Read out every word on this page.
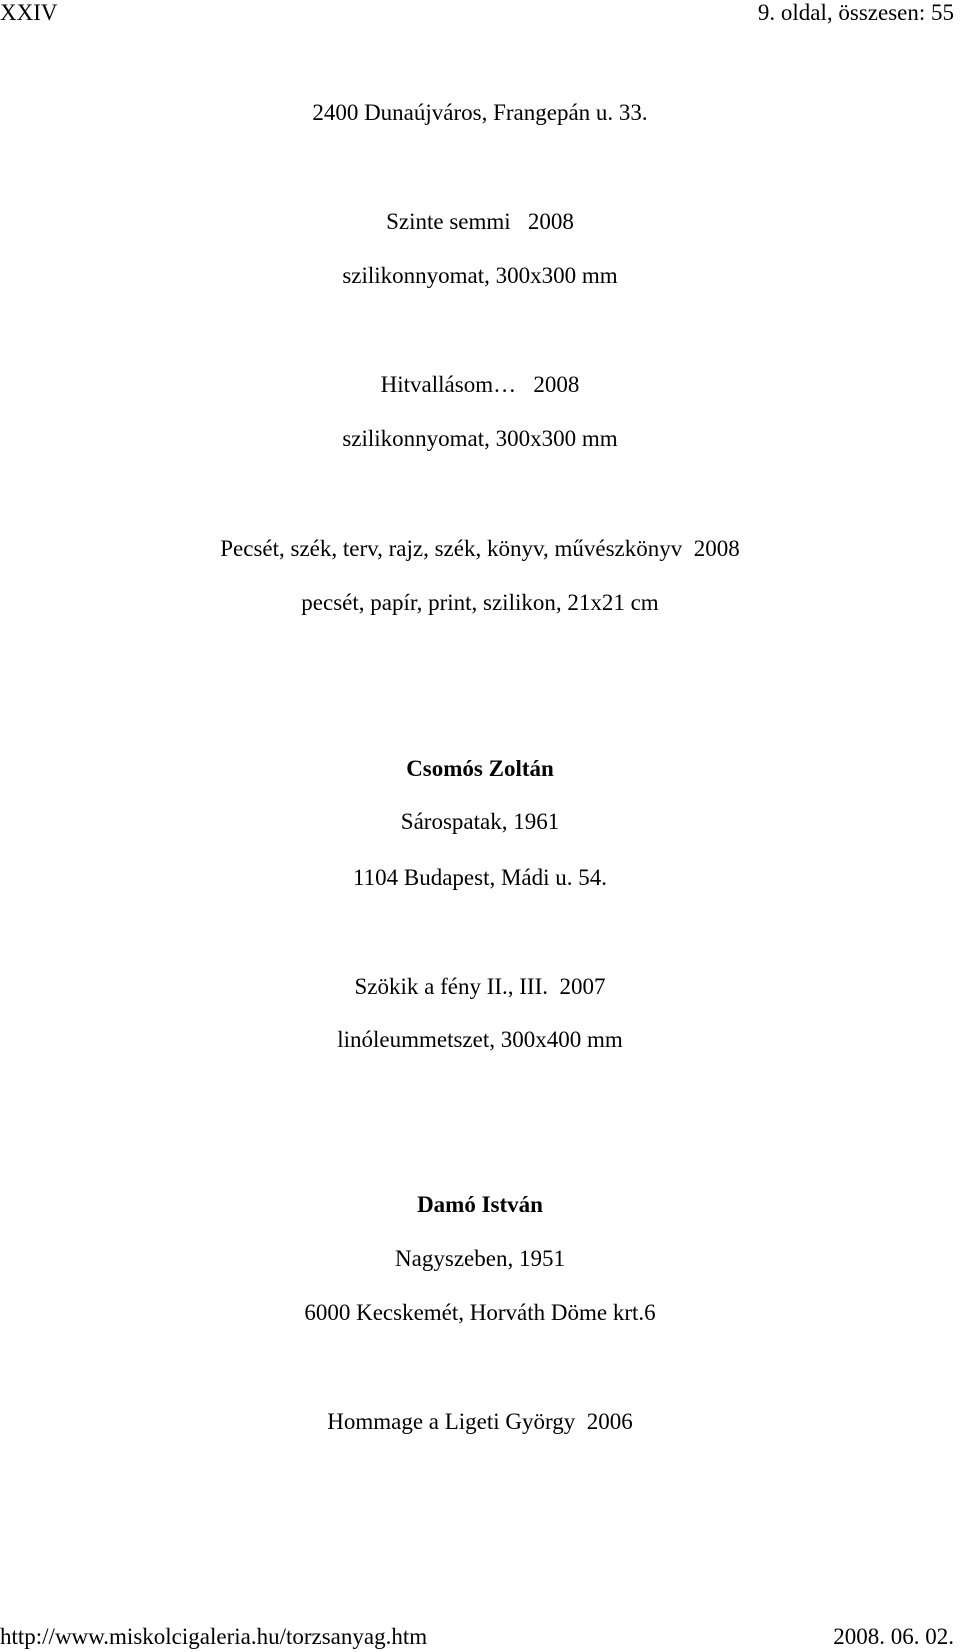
XXIV	9. oldal, összesen: 55
2400 Dunaújváros, Frangepán u. 33.
Szinte semmi   2008
szilikonnyomat, 300x300 mm
Hitvallásom…   2008
szilikonnyomat, 300x300 mm
Pecsét, szék, terv, rajz, szék, könyv, művészkönyv  2008
pecsét, papír, print, szilikon, 21x21 cm
Csomós Zoltán
Sárospatak, 1961
1104 Budapest, Mádi u. 54.
Szökik a fény II., III.  2007
linóleummetszet, 300x400 mm
Damó István
Nagyszeben, 1951
6000 Kecskemét, Horváth Döme krt.6
Hommage a Ligeti György  2006
http://www.miskolcigaleria.hu/torzsanyag.htm	2008. 06. 02.
